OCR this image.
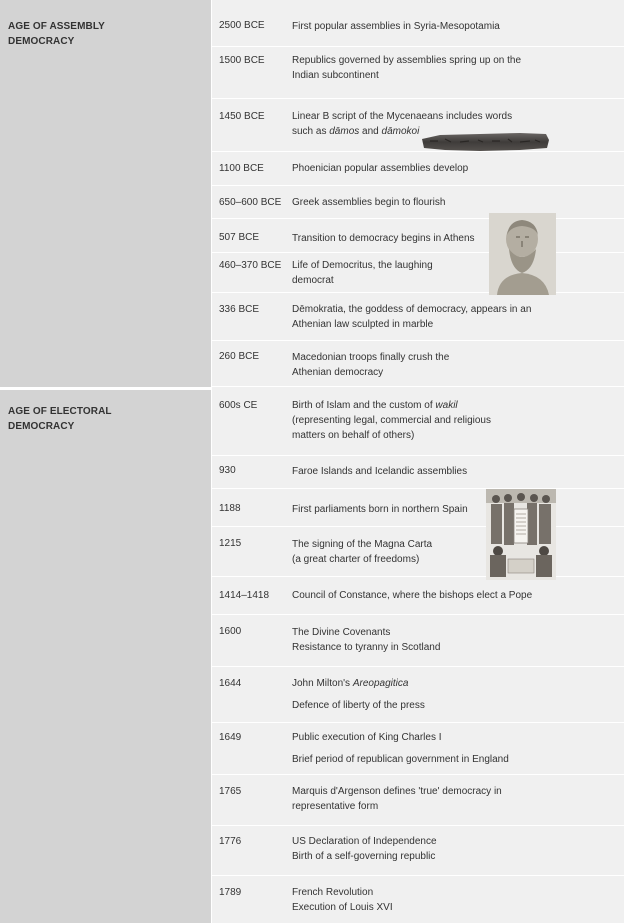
AGE OF ASSEMBLY
DEMOCRACY
AGE OF ELECTORAL
DEMOCRACY
2500 BCE	First popular assemblies in Syria-Mesopotamia
1500 BCE	Republics governed by assemblies spring up on the
Indian subcontinent
1450 BCE	Linear B script of the Mycenaeans includes words
such as dāmos and dāmokoi
1100 BCE	Phoenician popular assemblies develop
650–600 BCE Greek assemblies begin to flourish
507 BCE	Transition to democracy begins in Athens
460–370 BCE Life of Democritus, the laughing
democrat
336 BCE	Dēmokratia, the goddess of democracy, appears in an
Athenian law sculpted in marble
260 BCE	Macedonian troops finally crush the
Athenian democracy
600s CE	Birth of Islam and the custom of wakil
(representing legal, commercial and religious
matters on behalf of others)
930	Faroe Islands and Icelandic assemblies
1188	First parliaments born in northern Spain
1215	The signing of the Magna Carta
(a great charter of freedoms)
1414–1418 Council of Constance, where the bishops elect a Pope
1600	The Divine Covenants
Resistance to tyranny in Scotland
1644	John Milton's Areopagitica
Defence of liberty of the press
1649	Public execution of King Charles I
Brief period of republican government in England
1765	Marquis d'Argenson defines 'true' democracy in
representative form
1776	US Declaration of Independence
Birth of a self-governing republic
1789	French Revolution
Execution of Louis XVI
